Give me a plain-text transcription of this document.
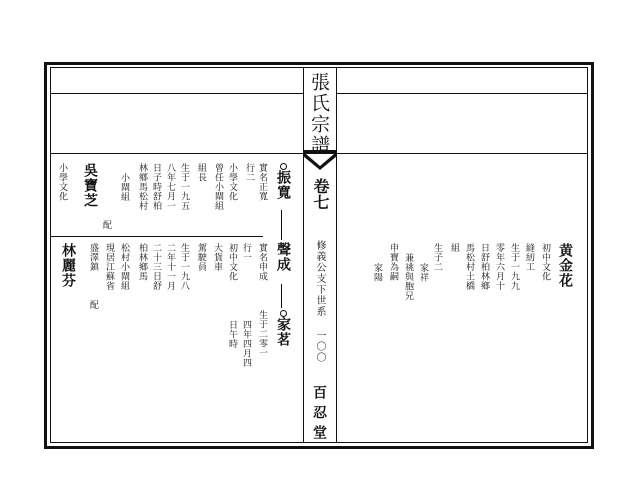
張氏宗譜
卷七
修義公支下世系
一〇〇
百忍堂
振寬
實名正寬
行二
小學文化
曾任小閘組
組長
生于一九五
八年七月一
日子時舒柏
林鄉馬松村
小閘組
吳寶芝
配
小學文化
聲成
實名申成
行一
初中文化
大貨車
駕駛員
生于一九八
二年十一月
二十三日舒
柏林鄉馬
松村小閘組
現居江蘇省
盛澤鎮
林麗芬
配
家茗
生于二零一
四年四月四
日午時
黄金花
初中文化
縫紉工
生于一九九
零年六月十
日舒柏林鄉
馬松村土橋
組
生子二
家祥
兼祧與胞兄
申寶為嗣
家陽
